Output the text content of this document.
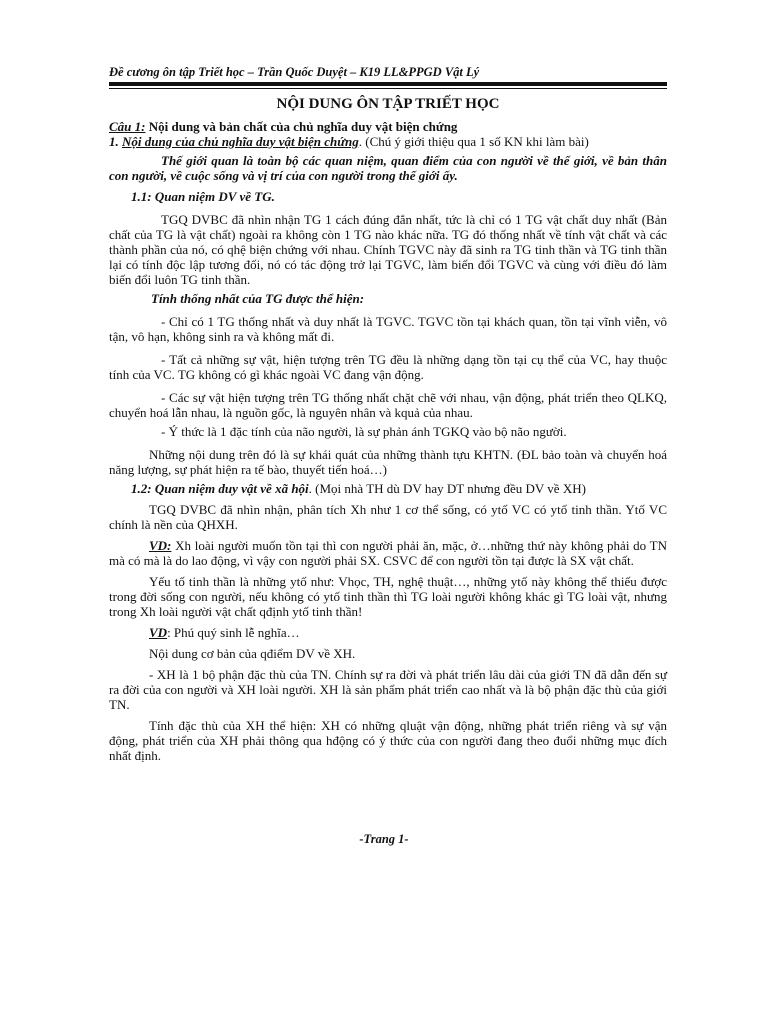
Đề cương ôn tập Triết học – Trần Quốc Duyệt – K19 LL&PPGD Vật Lý

NỘI DUNG ÔN TẬP TRIẾT HỌC

Câu 1: Nội dung và bản chất của chủ nghĩa duy vật biện chứng

1. Nội dung của chủ nghĩa duy vật biện chứng. (Chú ý giới thiệu qua 1 số KN khi làm bài)

Thế giới quan là toàn bộ các quan niệm, quan điểm của con người về thế giới, về bản thân con người, về cuộc sống và vị trí của con người trong thế giới ấy.

1.1: Quan niệm DV về TG.

TGQ DVBC đã nhìn nhận TG 1 cách đúng đắn nhất, tức là chỉ có 1 TG vật chất duy nhất (Bản chất của TG là vật chất) ngoài ra không còn 1 TG nào khác nữa. TG đó thống nhất về tính vật chất và các thành phần của nó, có qhệ biện chứng với nhau. Chính TGVC này đã sinh ra TG tinh thần và TG tinh thần lại có tính độc lập tương đối, nó có tác động trở lại TGVC, làm biến đổi TGVC và cùng với điều đó làm biến đổi luôn TG tinh thần.

Tính thống nhất của TG được thể hiện:

- Chỉ có 1 TG thống nhất và duy nhất là TGVC. TGVC tồn tại khách quan, tồn tại vĩnh viễn, vô tận, vô hạn, không sinh ra và không mất đi.

- Tất cả những sự vật, hiện tượng trên TG đều là những dạng tồn tại cụ thể của VC, hay thuộc tính của VC. TG không có gì khác ngoài VC đang vận động.

- Các sự vật hiện tượng trên TG thống nhất chặt chẽ với nhau, vận động, phát triển theo QLKQ, chuyển hoá lẫn nhau, là nguồn gốc, là nguyên nhân và kquả của nhau.

- Ý thức là 1 đặc tính của não người, là sự phản ánh TGKQ vào bộ não người.

Những nội dung trên đó là sự khái quát của những thành tựu KHTN. (ĐL bảo toàn và chuyển hoá năng lượng, sự phát hiện ra tế bào, thuyết tiến hoá…)

1.2: Quan niệm duy vật về xã hội. (Mọi nhà TH dù DV hay DT nhưng đều DV về XH)

TGQ DVBC đã nhìn nhận, phân tích Xh như 1 cơ thể sống, có ytố VC có ytố tinh thần. Ytố VC chính là nền của QHXH.

VD: Xh loài người muốn tồn tại thì con người phải ăn, mặc, ở…những thứ này không phải do TN mà có mà là do lao động, vì vậy con người phải SX. CSVC để con người tồn tại được là SX vật chất.

Yếu tố tinh thần là những ytố như: Vhọc, TH, nghệ thuật…, những ytố này không thể thiếu được trong đời sống con người, nếu không có ytố tinh thần thì TG loài người không khác gì TG loài vật, nhưng trong Xh loài người vật chất qđịnh ytố tinh thần!

VD: Phú quý sinh lễ nghĩa…

Nội dung cơ bản của qđiểm DV về XH.

- XH là 1 bộ phận đặc thù của TN. Chính sự ra đời và phát triển lâu dài của giới TN đã dẫn đến sự ra đời của con người và XH loài người. XH là sản phẩm phát triển cao nhất và là bộ phận đặc thù của giới TN.

Tính đặc thù của XH thể hiện: XH có những qluật vận động, những phát triển riêng và sự vận động, phát triển của XH phải thông qua hđộng có ý thức của con người đang theo đuổi những mục đích nhất định.

-Trang 1-
